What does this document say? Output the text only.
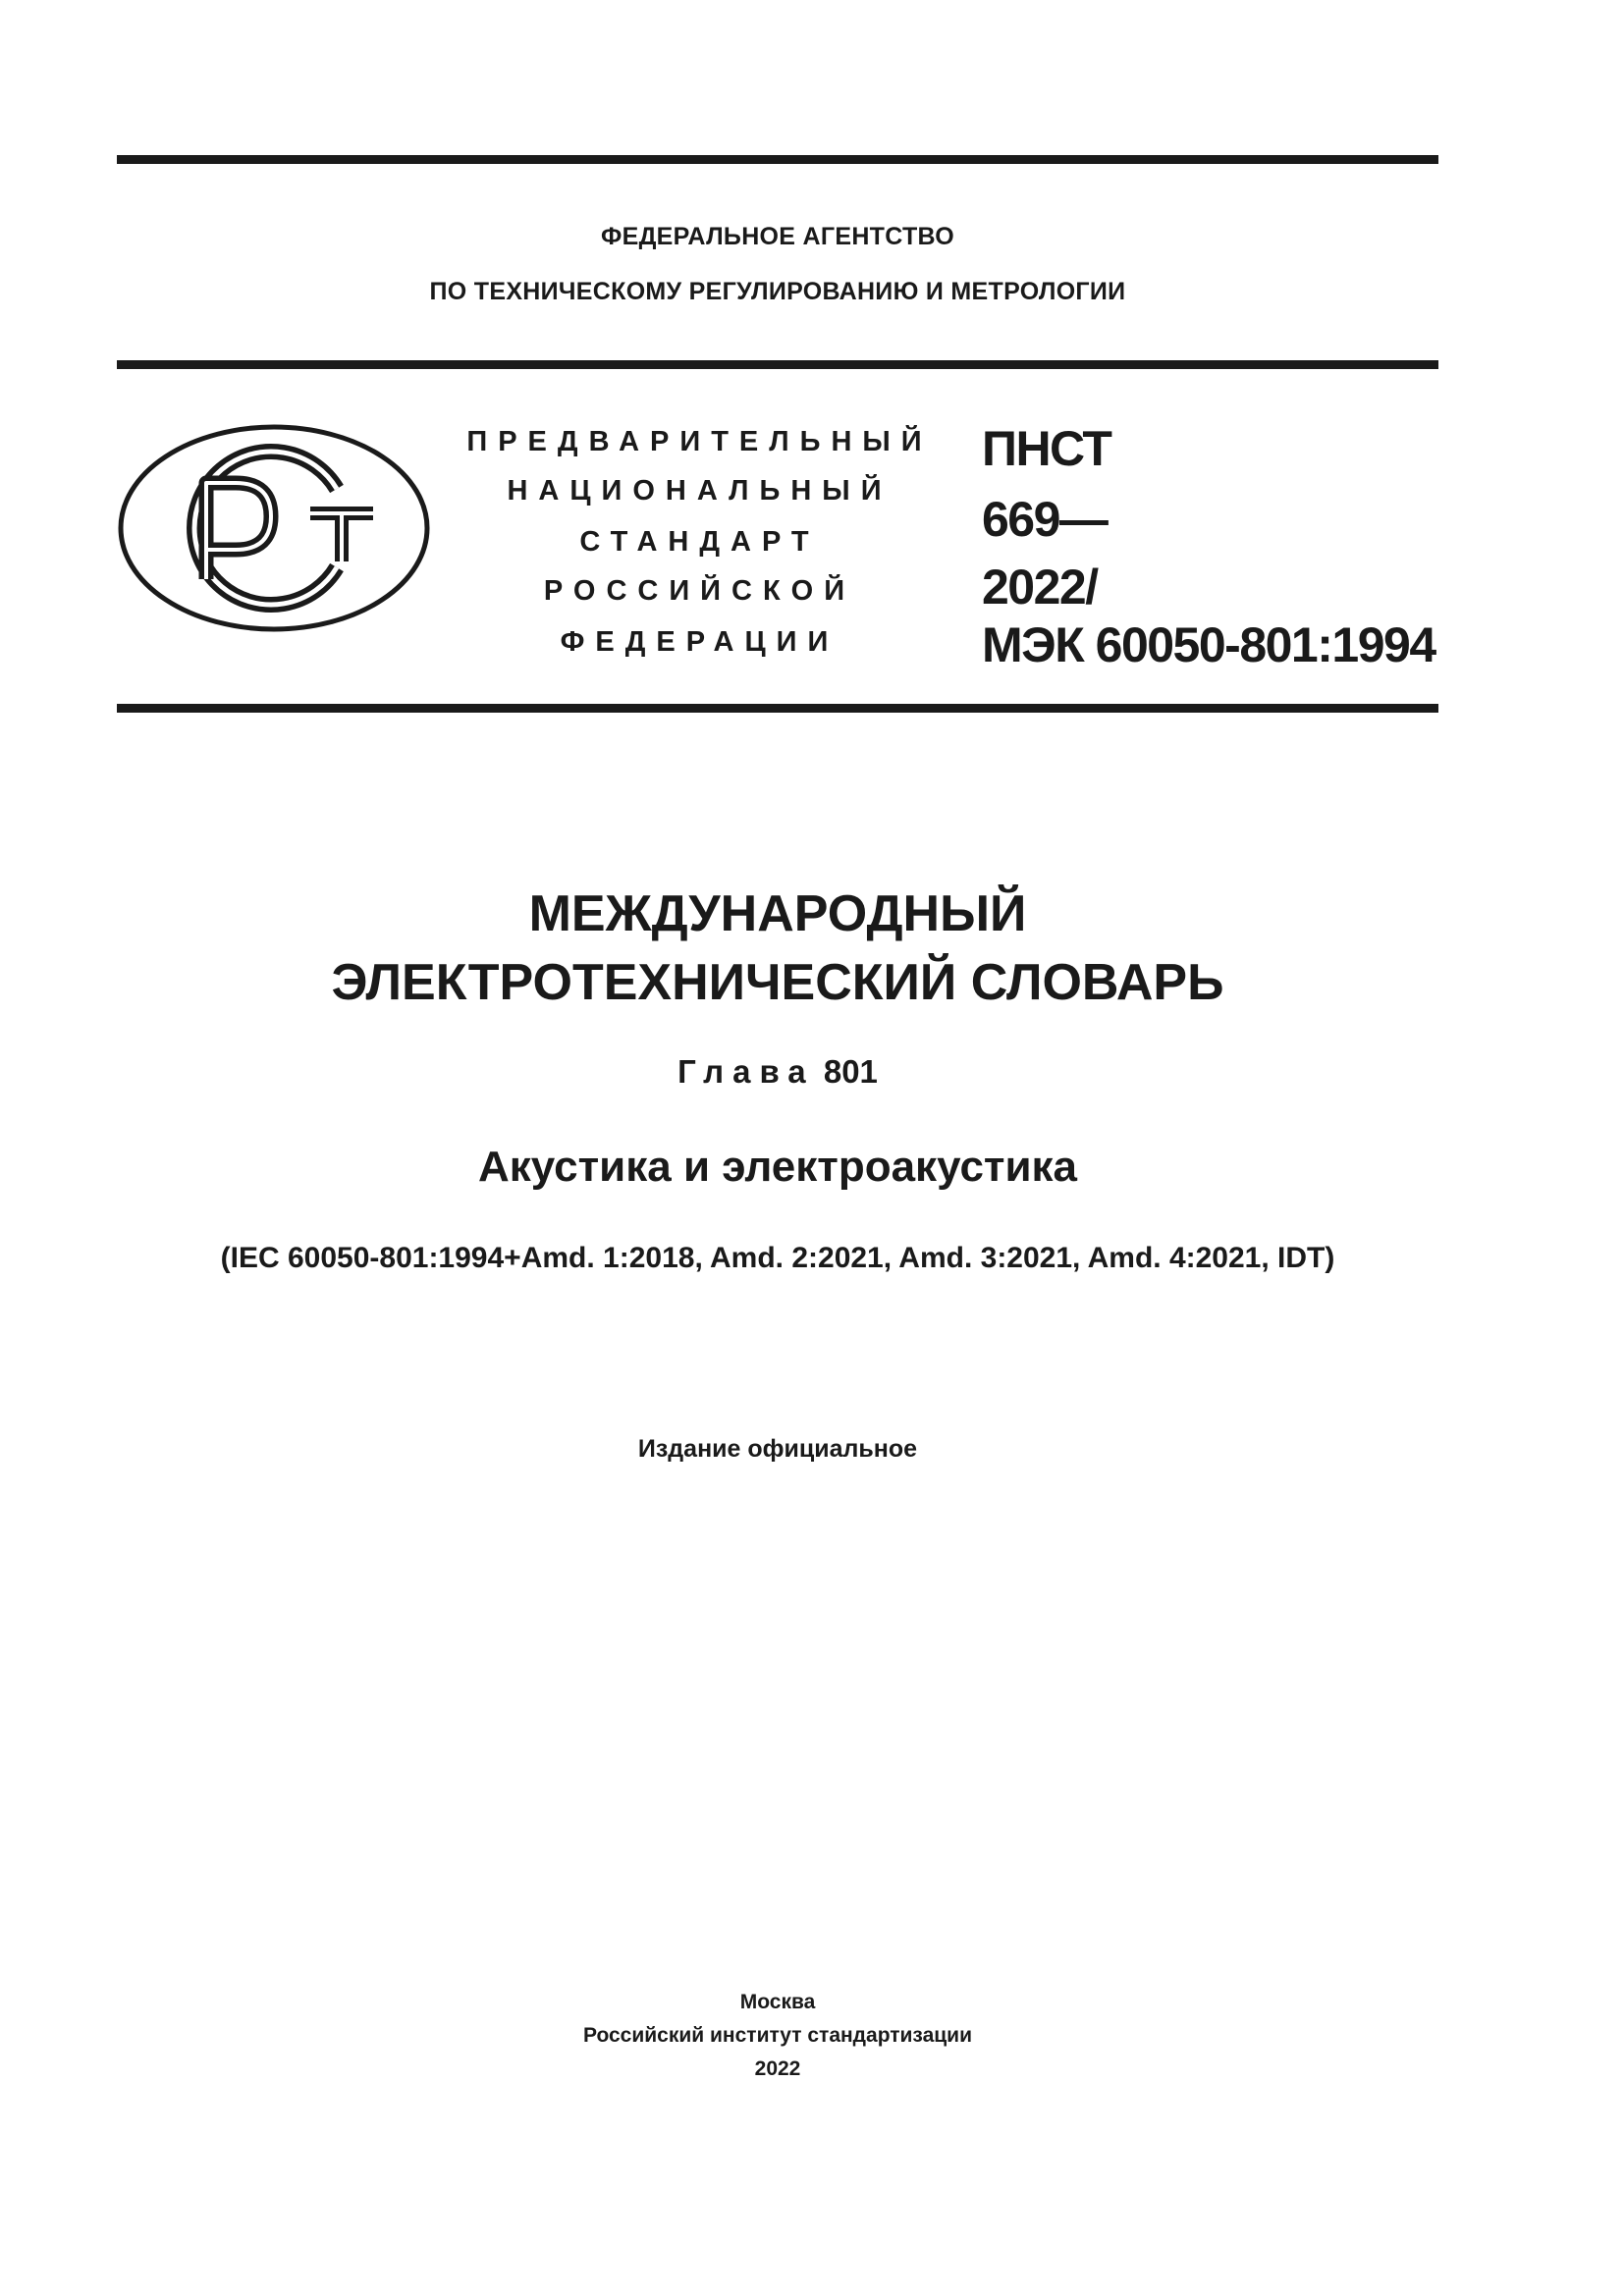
ФЕДЕРАЛЬНОЕ АГЕНТСТВО
ПО ТЕХНИЧЕСКОМУ РЕГУЛИРОВАНИЮ И МЕТРОЛОГИИ
ПРЕДВАРИТЕЛЬНЫЙ
НАЦИОНАЛЬНЫЙ
СТАНДАРТ
РОССИЙСКОЙ
ФЕДЕРАЦИИ
ПНСТ
669—
2022/
МЭК 60050-801:1994
МЕЖДУНАРОДНЫЙ
ЭЛЕКТРОТЕХНИЧЕСКИЙ СЛОВАРЬ
Глава 801
Акустика и электроакустика
(IEC 60050-801:1994+Amd. 1:2018, Amd. 2:2021, Amd. 3:2021, Amd. 4:2021, IDT)
Издание официальное
Москва
Российский институт стандартизации
2022
